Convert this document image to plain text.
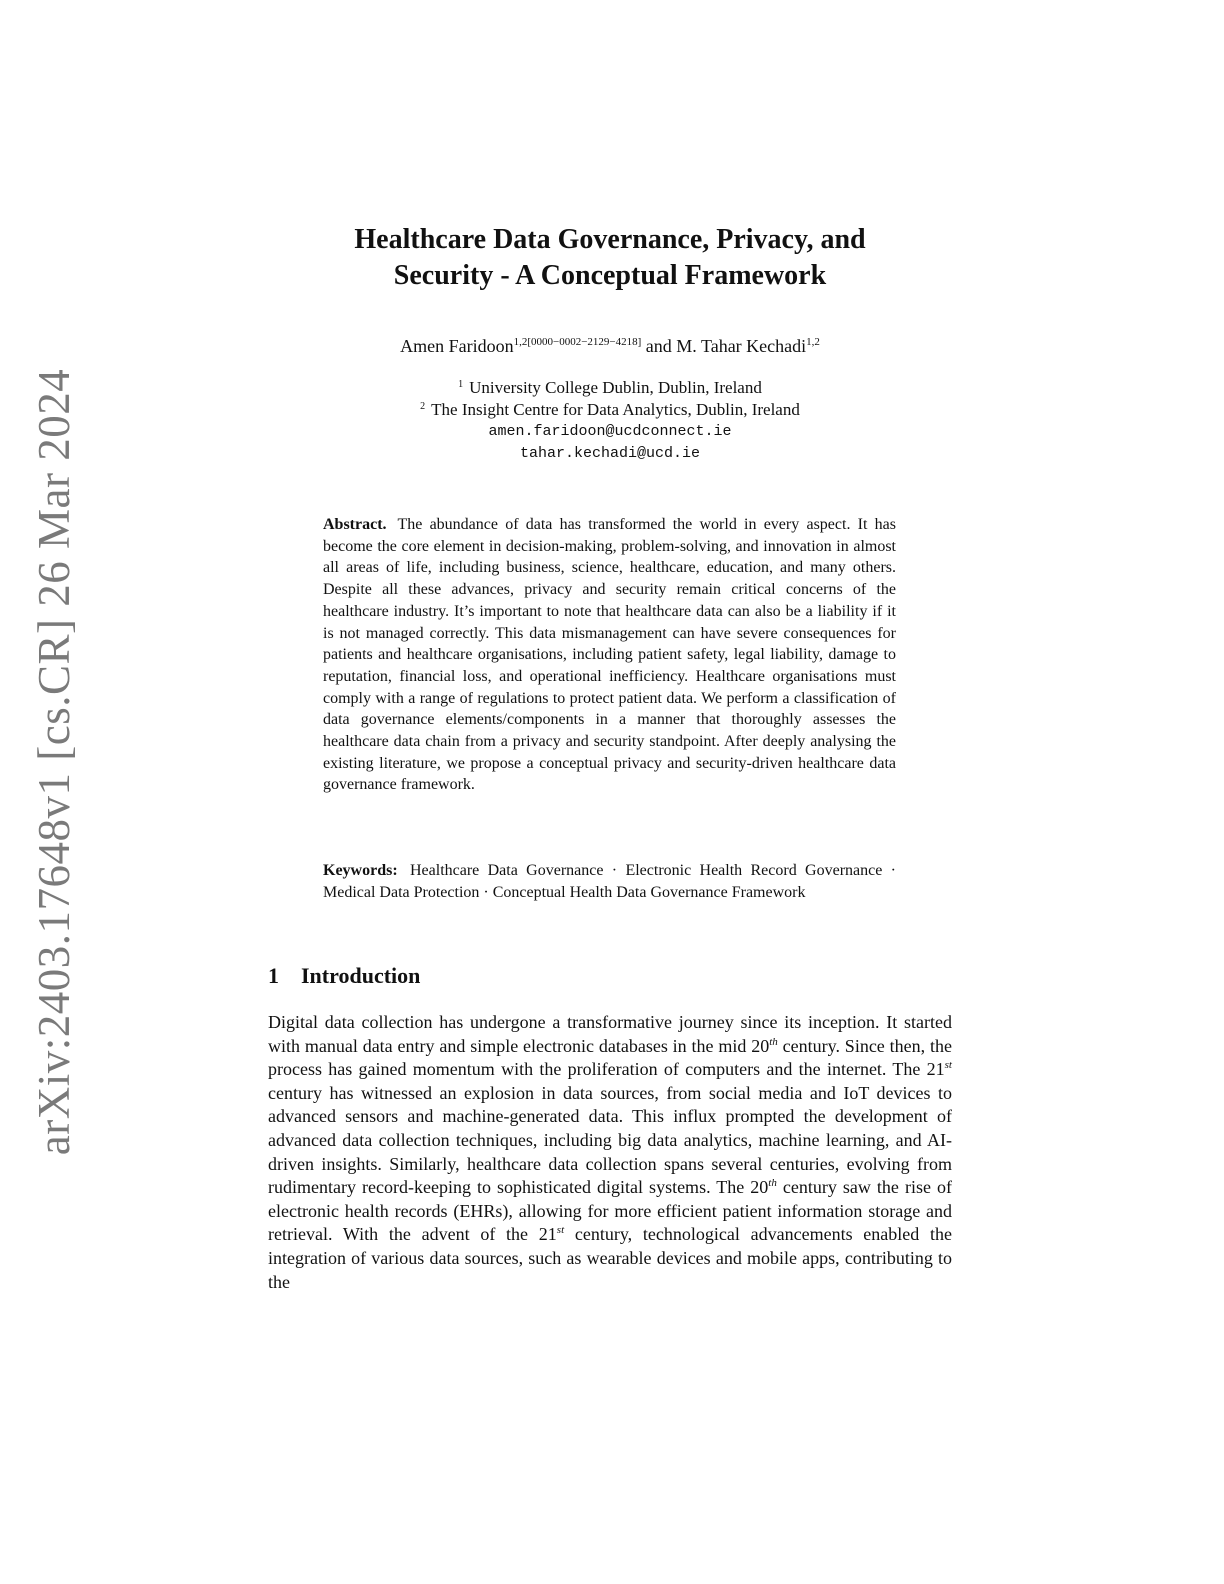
arXiv:2403.17648v1 [cs.CR] 26 Mar 2024
Healthcare Data Governance, Privacy, and
Security - A Conceptual Framework
Amen Faridoon$^{1,2[0000-0002-2129-4218]}$ and M. Tahar Kechadi$^{1,2}$
$^1$ University College Dublin, Dublin, Ireland
$^2$ The Insight Centre for Data Analytics, Dublin, Ireland
amen.faridoon@ucdconnect.ie
tahar.kechadi@ucd.ie
Abstract. The abundance of data has transformed the world in every aspect. It has become the core element in decision-making, problem-solving, and innovation in almost all areas of life, including business, science, healthcare, education, and many others. Despite all these advances, privacy and security remain critical concerns of the healthcare industry. It’s important to note that healthcare data can also be a liability if it is not managed correctly. This data mismanagement can have severe consequences for patients and healthcare organisations, including patient safety, legal liability, damage to reputation, financial loss, and operational inefficiency. Healthcare organisations must comply with a range of regulations to protect patient data. We perform a classification of data governance elements/components in a manner that thoroughly assesses the healthcare data chain from a privacy and security standpoint. After deeply analysing the existing literature, we propose a conceptual privacy and security-driven healthcare data governance framework.
Keywords: Healthcare Data Governance · Electronic Health Record Governance · Medical Data Protection · Conceptual Health Data Governance Framework
1 Introduction
Digital data collection has undergone a transformative journey since its inception. It started with manual data entry and simple electronic databases in the mid 20th century. Since then, the process has gained momentum with the proliferation of computers and the internet. The 21st century has witnessed an explosion in data sources, from social media and IoT devices to advanced sensors and machine-generated data. This influx prompted the development of advanced data collection techniques, including big data analytics, machine learning, and AI-driven insights. Similarly, healthcare data collection spans several centuries, evolving from rudimentary record-keeping to sophisticated digital systems. The 20th century saw the rise of electronic health records (EHRs), allowing for more efficient patient information storage and retrieval. With the advent of the 21st century, technological advancements enabled the integration of various data sources, such as wearable devices and mobile apps, contributing to the
